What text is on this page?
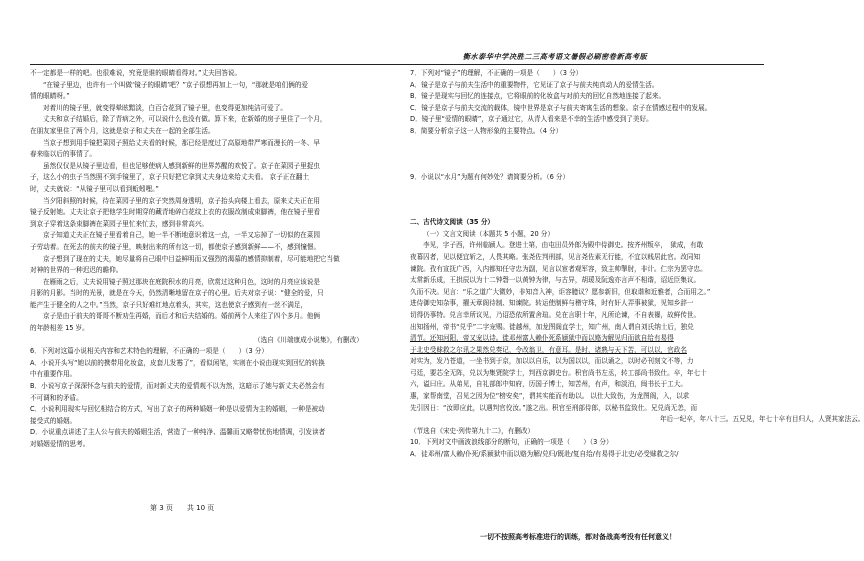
衡水泰华中学决胜二三高考语文暑假必刷密卷新高考版

不一定都是一样的吧。也很难说，究竟是谁的眼睛看得对。”丈夫回答说。

“在镜子里边，也许有一个叫做‘镜子的眼睛’吧？”京子很想再加上一句，“那就是咱们俩的爱

情的眼睛呀。”

对着川的镜子里，就变得晕眩黯淡，白百合花到了镜子里，也变得更加纯洁可爱了。

丈夫和京子结婚后，除了青病之外，可以说什么也没有做。算下来，在新婚的房子里住了一个月，

在朋友家里住了两个月，这就是京子和丈夫在一起的全部生活。

当京子想到用手镜把菜园子照给丈夫看的时候，那已经是度过了高原地带严寒而漫长的一冬、早

春来临以后的事情了。

虽然仅仅是从镜子里边看，但也足够使病人感到新鲜的世界苏醒的欢悦了。京子在菜园子里捉虫

子，这么小的虫子当然照不到手镜里了，京子只好把它拿到丈夫身边来给丈夫看。 京子正在翻土

时，丈夫就说：“从镜子里可以看到蚯蚓哩。”

当夕阳斜照的时候，待在菜园子里的京子突然周身透明，京子抬头向楼上看去，原来丈夫正在用

镜子反射她。丈夫让京子把他学生时期穿的藏青地碎白花纹上衣的衣服改制成束脚裤，他在镜子里看

到京子穿着这条束脚裤在菜园子里忙来忙去，感到非常高兴。

京子知道丈夫正在镜子里看着自己，她一半不断地意识着这一点，一半又忘掉了一切似的在菜园

子劳动着。在死去的前夫的镜子里，映射出来的所有这一切，都使京子感到新鲜——不，感到憧憬。

京子想到了现在的丈夫，她尽量将自己眼中目益鲜明而又强烈的渴慕的感情抑制着，尽可能地把它当做

对神的世界的一种迟迟的瞻仰。

在雁雨之后，丈夫说用镜子照过那块在庭院积水的月亮，欣赏过这种月色，这时的月亮应该说是

月影的月影。当时的光景，就是在今天，仍然清晰地留在京子的心里。后夫对京子说：“健全的爱，只

能产生于健全的人之中。”当然，京子只好难红地点着头，其实，这也使京子感到有一丝不满足，

京子是由于前夫的哥哥不断劝生再婚，而后才和后夫结婚的。婚前两个人来往了四个多月。他俩

的年龄相差 15 岁。

（选自《川端康成小说集》，有删改）

6．下列对这篇小说相关内容和艺术特色的理解，不正确的一项是（　　）（3 分）

A．小说开头写“她以前的携带用化妆盒，皮套儿发霉了”，看似闲笔，实则在小说由现实到回忆的转换

中有重要作用。

B．小说写京子深深怀念与前夫的爱情，而对新丈夫的爱情观不以为然，这暗示了她与新丈夫必然会有

不可调和的矛盾。

C．小说利用现实与回忆相结合的方式，写出了京子的两种婚姻一种是以爱情为主的婚姻，一种是被动

接受式的婚姻。

D．小说重点讲述了主人公与前夫的婚姻生活，营造了一种纯净、温馨而又略带忧伤地情调，引发读者

对婚姻爱情的思考。

第 3 页　　共 10 页

7．下列对“镜子”的理解，不正确的一项是（　　）（3 分）

A．镜子是京子与前夫生活中的重要物件，它见证了京子与前夫纯真动人的爱情生活。

B．镜子是现实与回忆的连接点，它将眼前的化妆盒与对前夫的回忆自然地连接了起来。

C．镜子是京子与前夫交流的载体，镜中世界是京子与前夫寄寓生活的想象。京子在情感过程中的发展。

D．镜子里“爱情的眼睛”，京子通过它，从青人看来是不幸的生活中感受到了美好。

8．简要分析京子这一人物形象的主要特点。（4 分）

9．小说以“水月”为题有何妙处？请简要分析。（6 分）

二、古代诗文阅读（35 分）

（一）文言文阅读（本题共 5 小题，20 分）

李见，字子西，许州临颍人。登进士第，由屯田员外郎为殿中侍御史。按齐州叛卒，　狱成，有敢

夜幕囚者，见以便宜斩之，人畏其略。张尧佐判刑部，见言尧佐素无行能，不宜以贱居此官。改同知

谏院。孜有宣抚广西，入内都知任守忠为副，见言以宦者观军容，致主帅掣肘，非计。仁宗为罢守忠。

太常新乐成，王拱辰以为十二钟磬一以黄钟为律，与古异，胡瑗及阮逸亦言声不相谐，诏近臣集议。

久而不决。见言：“乐之道广大微妙，非知音入神，讵容臆议？愿参新旧，但取谐和近雅者，合而用之。”

进侍御史知杂事，擢天章阁待制、知谏院。转运使制鲜与稽守珠，时有奸人弄事被狱，见知乡辞一

切得仍事特。兑言幸所议见，乃诏恐依所置舍瑄。兑在言职十年，凡所论谏，不自表襮，故鲜传世。

出知扬州，帝书“兑乎”二字宠赐。徙越州，加龙图阁直学士，知广州，南人谓自刘氏纳士后，独兑

清节。还知河阳，帝又宠以诗。徙邓州富人赖仆死系颍狱中而以赂为解见归而欲自给有易得

于北史受赇救之尔讯之果然兑奏记，令改翁卫，有意耳。是时，诸熟与天下苦，可以以，官政名

对实为，发乃苍道，一坐书到于京，加以以自乐，以为国以以，而以诵之，以时必刊刻文不等，力

弓廷，要芯全无阵，兑以为集贤院学士，判西京御史台。积官尚书左丞，转工部尚书致仕。卒，年七十

六，谥曰庄。从弟见，自礼部郎中知府，历国子博士，知苦州，有声，和淡泊，闽书长于工大。

惠，家帮南堂，召见之因为位“榜安矣”，谓其实能而有助以。 以仕大致伤，为龙图阁，入，以求

先引因日：“汝即应此，以遇判官佼汝。”遂之出。积官至刑部侍郎，以秘书监致仕。兄兑尚无恙，而

年后一纪卒，年八十三。五兄兑，年七十卒有目归人，人贤其家法云。

（节选自《宋史·列传第九十二》，有删改）

10．下列对文中画波浪线部分的断句，正确的一项是（　　）（3 分）

A．徒邓州/富人赖/仆死/系颍狱中而以赂为解/兑归/既赴/复自给/有易得于北史/必受赇救之尔/

一切不按照高考标准进行的训练，都对备战高考没有任何意义！
